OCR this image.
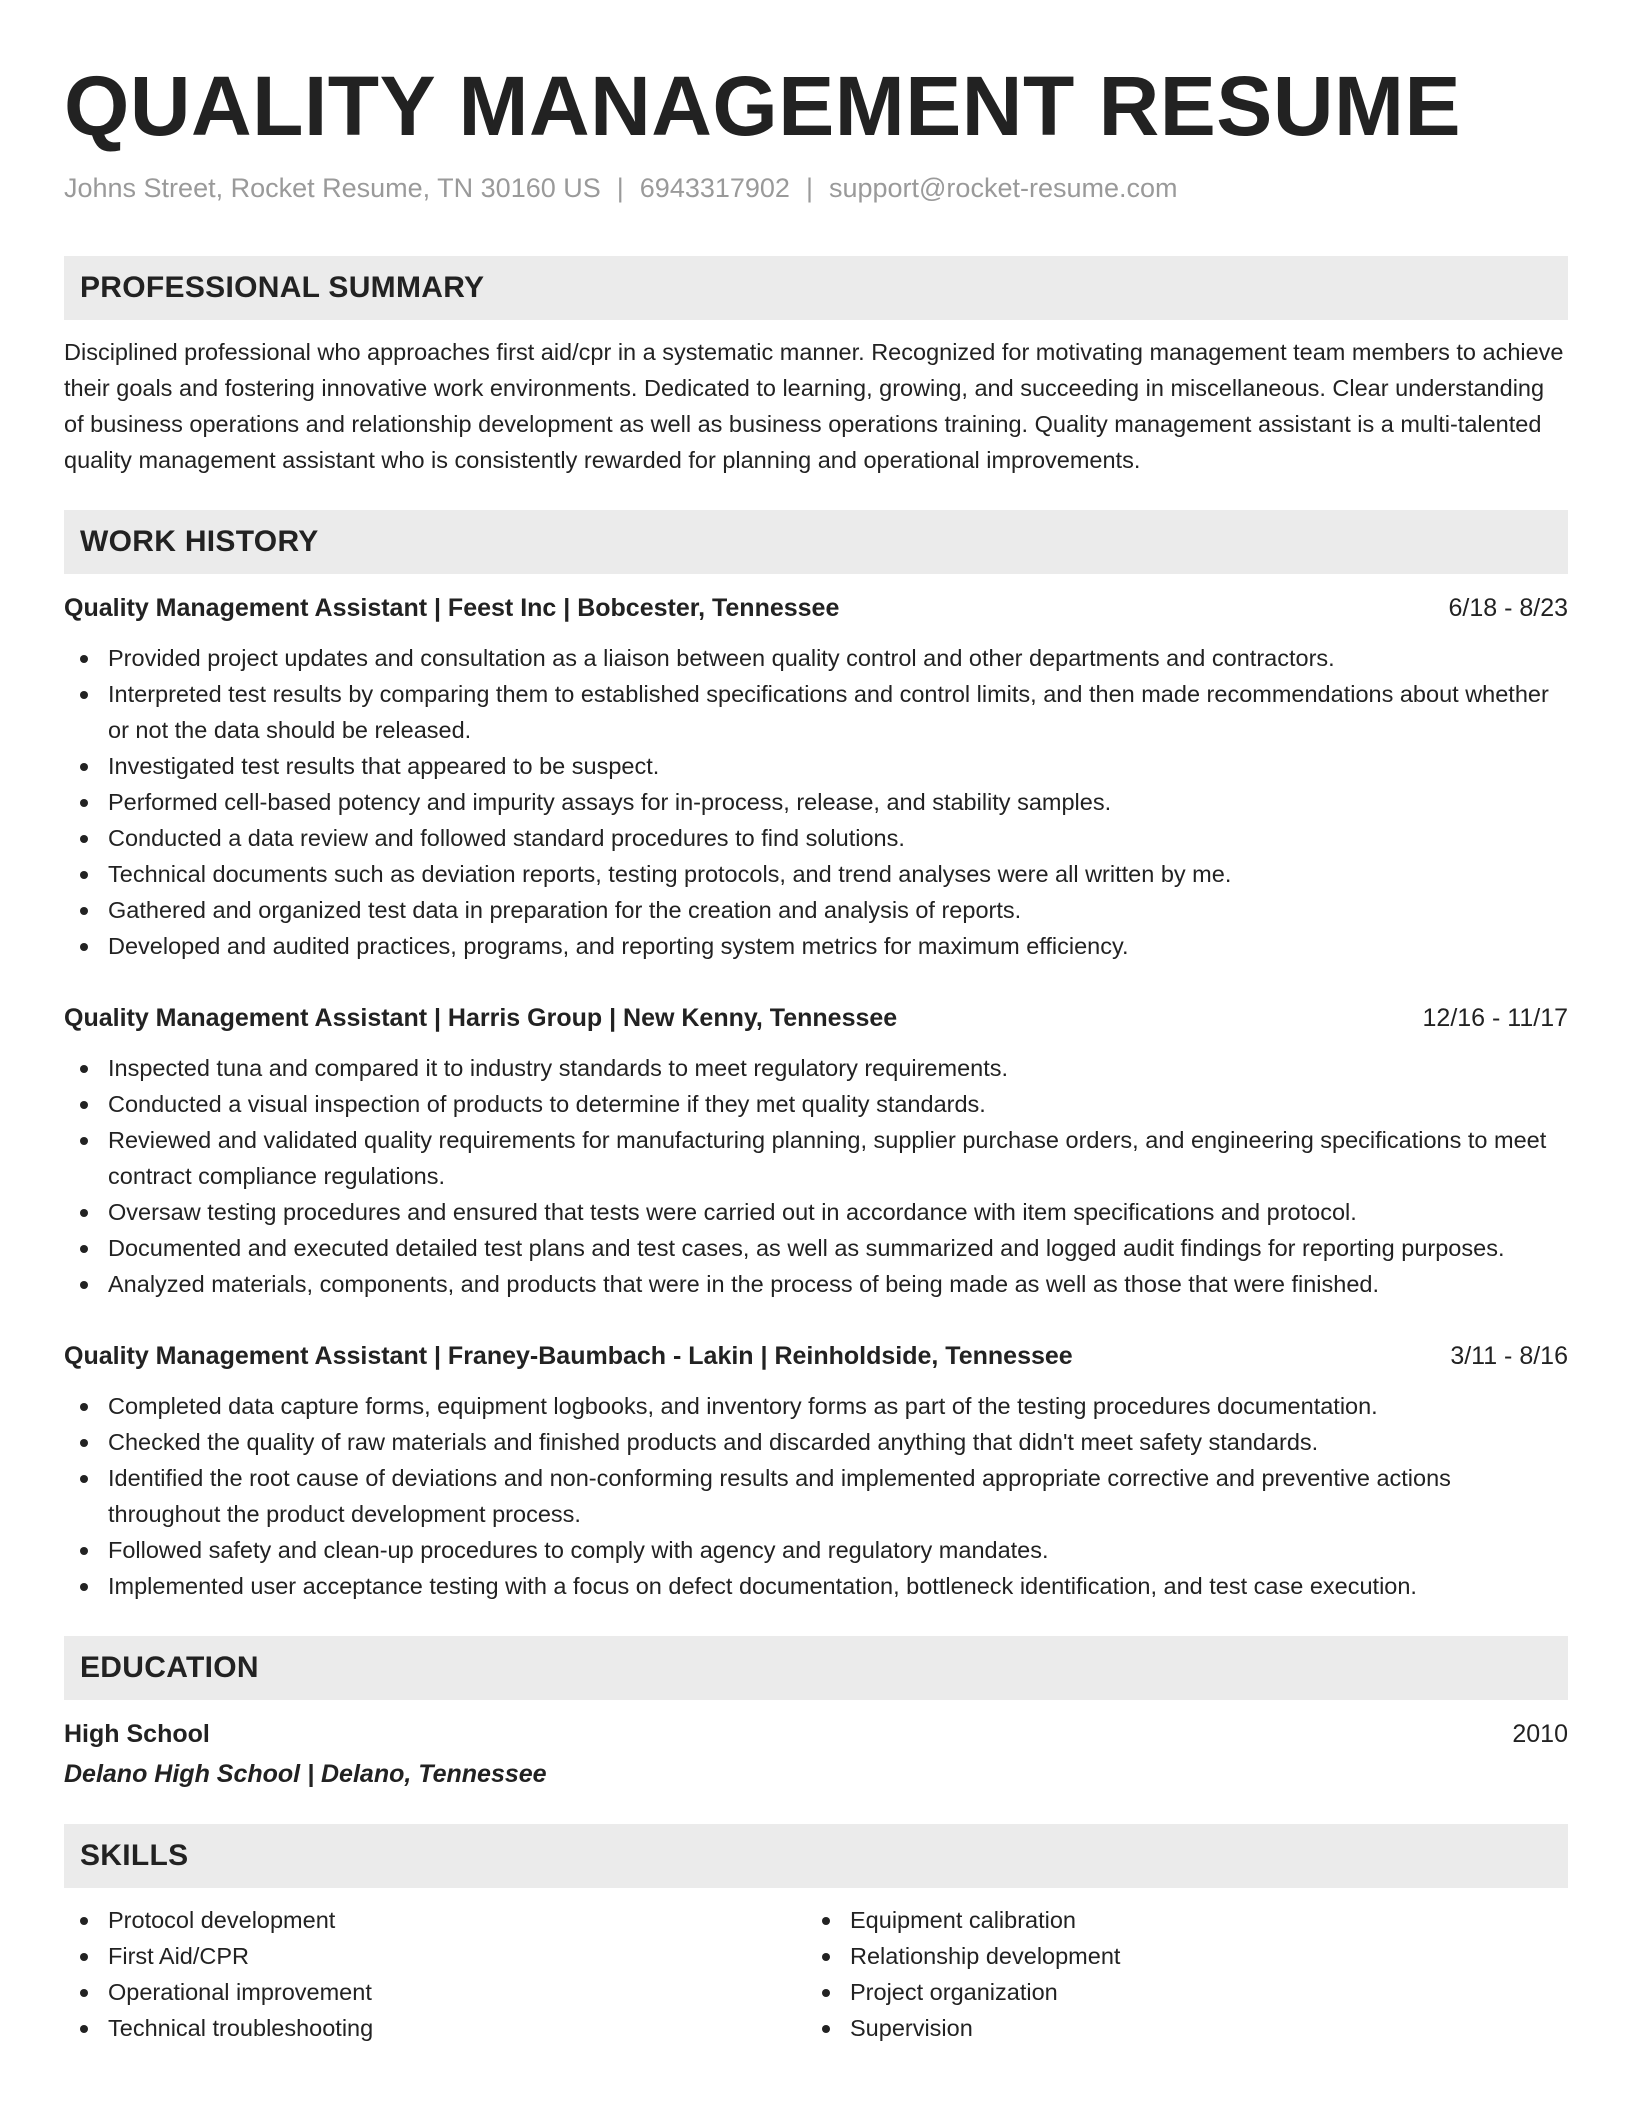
QUALITY MANAGEMENT RESUME
Johns Street, Rocket Resume, TN 30160 US | 6943317902 | support@rocket-resume.com
PROFESSIONAL SUMMARY
Disciplined professional who approaches first aid/cpr in a systematic manner. Recognized for motivating management team members to achieve their goals and fostering innovative work environments. Dedicated to learning, growing, and succeeding in miscellaneous. Clear understanding of business operations and relationship development as well as business operations training. Quality management assistant is a multi-talented quality management assistant who is consistently rewarded for planning and operational improvements.
WORK HISTORY
Quality Management Assistant | Feest Inc | Bobcester, Tennessee	6/18 - 8/23
Provided project updates and consultation as a liaison between quality control and other departments and contractors.
Interpreted test results by comparing them to established specifications and control limits, and then made recommendations about whether or not the data should be released.
Investigated test results that appeared to be suspect.
Performed cell-based potency and impurity assays for in-process, release, and stability samples.
Conducted a data review and followed standard procedures to find solutions.
Technical documents such as deviation reports, testing protocols, and trend analyses were all written by me.
Gathered and organized test data in preparation for the creation and analysis of reports.
Developed and audited practices, programs, and reporting system metrics for maximum efficiency.
Quality Management Assistant | Harris Group | New Kenny, Tennessee	12/16 - 11/17
Inspected tuna and compared it to industry standards to meet regulatory requirements.
Conducted a visual inspection of products to determine if they met quality standards.
Reviewed and validated quality requirements for manufacturing planning, supplier purchase orders, and engineering specifications to meet contract compliance regulations.
Oversaw testing procedures and ensured that tests were carried out in accordance with item specifications and protocol.
Documented and executed detailed test plans and test cases, as well as summarized and logged audit findings for reporting purposes.
Analyzed materials, components, and products that were in the process of being made as well as those that were finished.
Quality Management Assistant | Franey-Baumbach - Lakin | Reinholdside, Tennessee	3/11 - 8/16
Completed data capture forms, equipment logbooks, and inventory forms as part of the testing procedures documentation.
Checked the quality of raw materials and finished products and discarded anything that didn't meet safety standards.
Identified the root cause of deviations and non-conforming results and implemented appropriate corrective and preventive actions throughout the product development process.
Followed safety and clean-up procedures to comply with agency and regulatory mandates.
Implemented user acceptance testing with a focus on defect documentation, bottleneck identification, and test case execution.
EDUCATION
High School	2010
Delano High School | Delano, Tennessee
SKILLS
Protocol development
First Aid/CPR
Operational improvement
Technical troubleshooting
Equipment calibration
Relationship development
Project organization
Supervision
